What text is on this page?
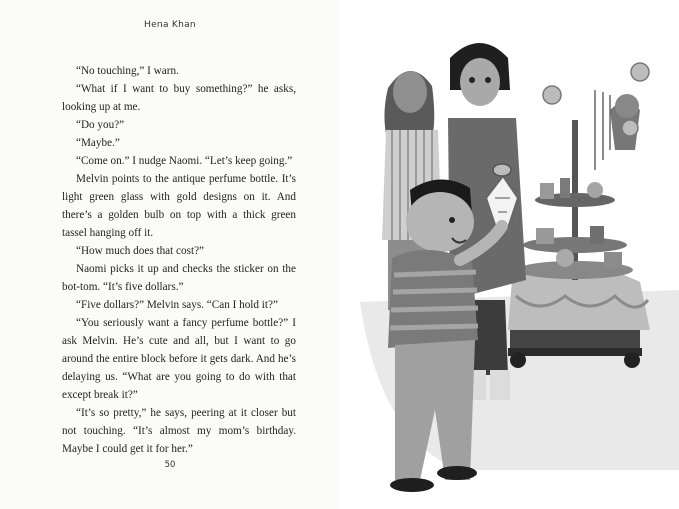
Hena Khan

“No touching,” I warn.

“What if I want to buy something?” he asks, looking up at me.

“Do you?”

“Maybe.”

“Come on.” I nudge Naomi. “Let’s keep going.”

Melvin points to the antique perfume bottle. It’s light green glass with gold designs on it. And there’s a golden bulb on top with a thick green tassel hanging off it.

“How much does that cost?”

Naomi picks it up and checks the sticker on the bot-tom. “It’s five dollars.”

“Five dollars?” Melvin says. “Can I hold it?”

“You seriously want a fancy perfume bottle?” I ask Melvin. He’s cute and all, but I want to go around the entire block before it gets dark. And he’s delaying us. “What are you going to do with that except break it?”

“It’s so pretty,” he says, peering at it closer but not touching. “It’s almost my mom’s birthday. Maybe I could get it for her.”

50
